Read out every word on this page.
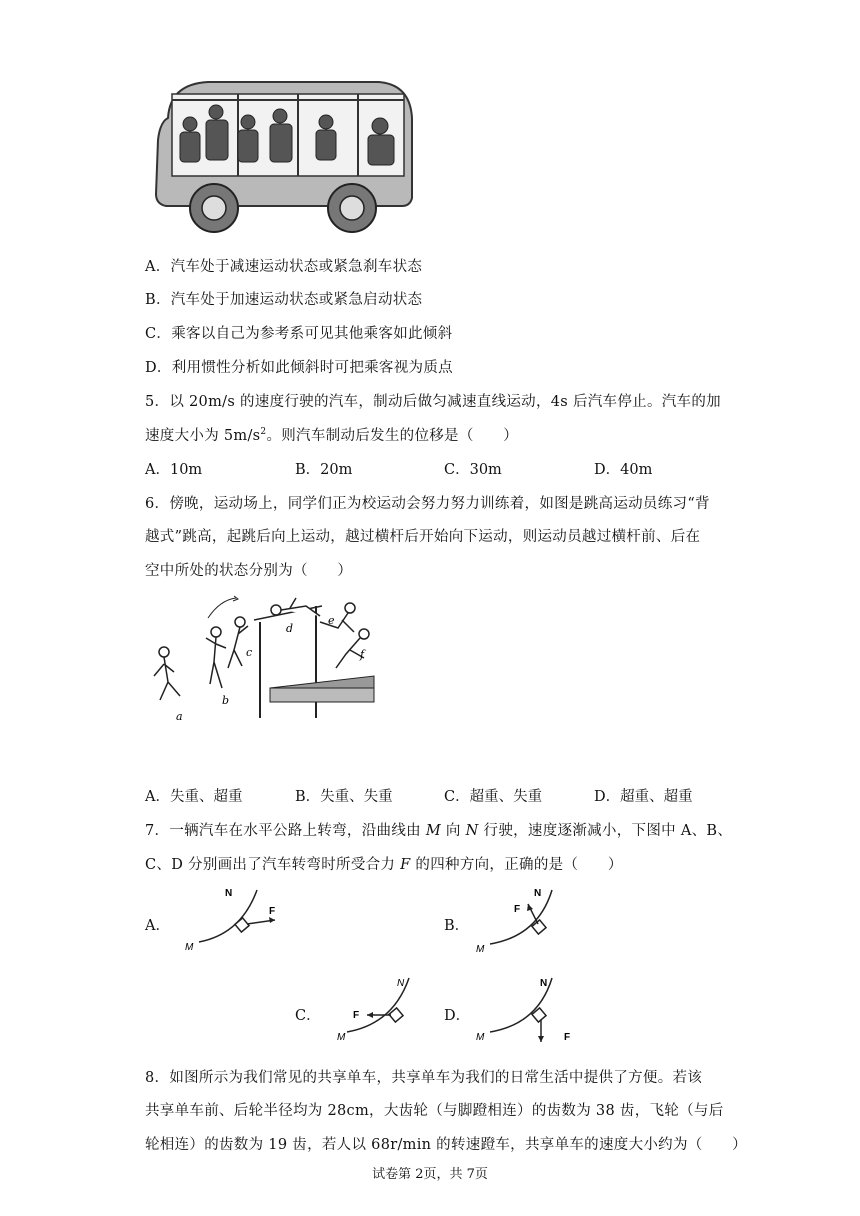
A．汽车处于减速运动状态或紧急刹车状态
B．汽车处于加速运动状态或紧急启动状态
C．乘客以自己为参考系可见其他乘客如此倾斜
D．利用惯性分析如此倾斜时可把乘客视为质点
5．以 20m/s 的速度行驶的汽车，制动后做匀减速直线运动，4s 后汽车停止。汽车的加
速度大小为 $5m/s^2$。则汽车制动后发生的位移是（　　）
A．10m	B．20m	C．30m	D．40m
6．傍晚，运动场上，同学们正为校运动会努力努力训练着，如图是跳高运动员练习“背
越式”跳高，起跳后向上运动，越过横杆后开始向下运动，则运动员越过横杆前、后在
空中所处的状态分别为（　　）
a
b
c
d
e
f
A．失重、超重	B．失重、失重	C．超重、失重	D．超重、超重
7．一辆汽车在水平公路上转弯，沿曲线由 M 向 N 行驶，速度逐渐减小，下图中 A、B、
C、D 分别画出了汽车转弯时所受合力 F 的四种方向，正确的是（　　）
A．	B．
C．	D．
N
F
M
N
F
M
N
F
M
N
F
M
8．如图所示为我们常见的共享单车，共享单车为我们的日常生活中提供了方便。若该
共享单车前、后轮半径均为 28cm，大齿轮（与脚蹬相连）的齿数为 38 齿，飞轮（与后
轮相连）的齿数为 19 齿，若人以 68r/min 的转速蹬车，共享单车的速度大小约为（　　）
试卷第 2页，共 7页
